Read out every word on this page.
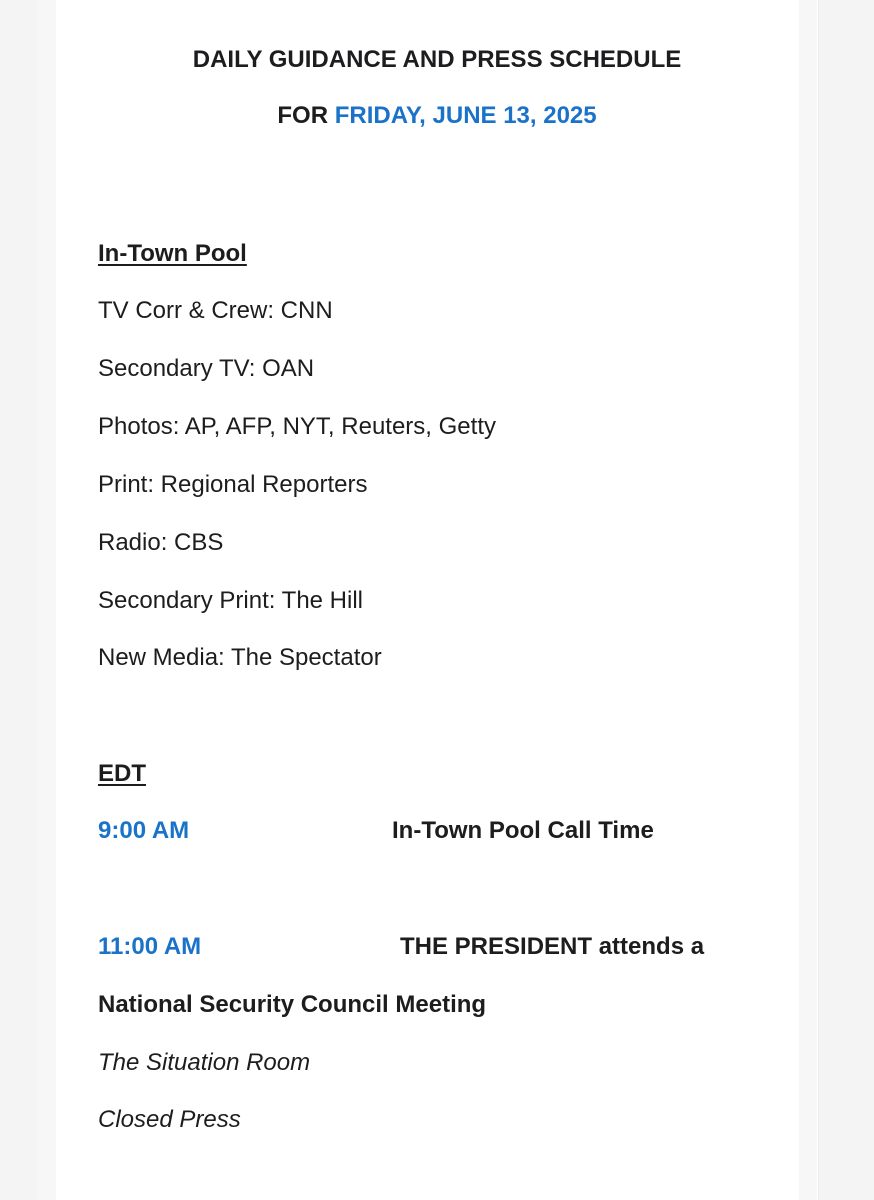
DAILY GUIDANCE AND PRESS SCHEDULE
FOR FRIDAY, JUNE 13, 2025
In-Town Pool
TV Corr & Crew: CNN
Secondary TV: OAN
Photos: AP, AFP, NYT, Reuters, Getty
Print: Regional Reporters
Radio: CBS
Secondary Print: The Hill
New Media: The Spectator
EDT
9:00 AM	In-Town Pool Call Time
11:00 AM	THE PRESIDENT attends a
National Security Council Meeting
The Situation Room
Closed Press
